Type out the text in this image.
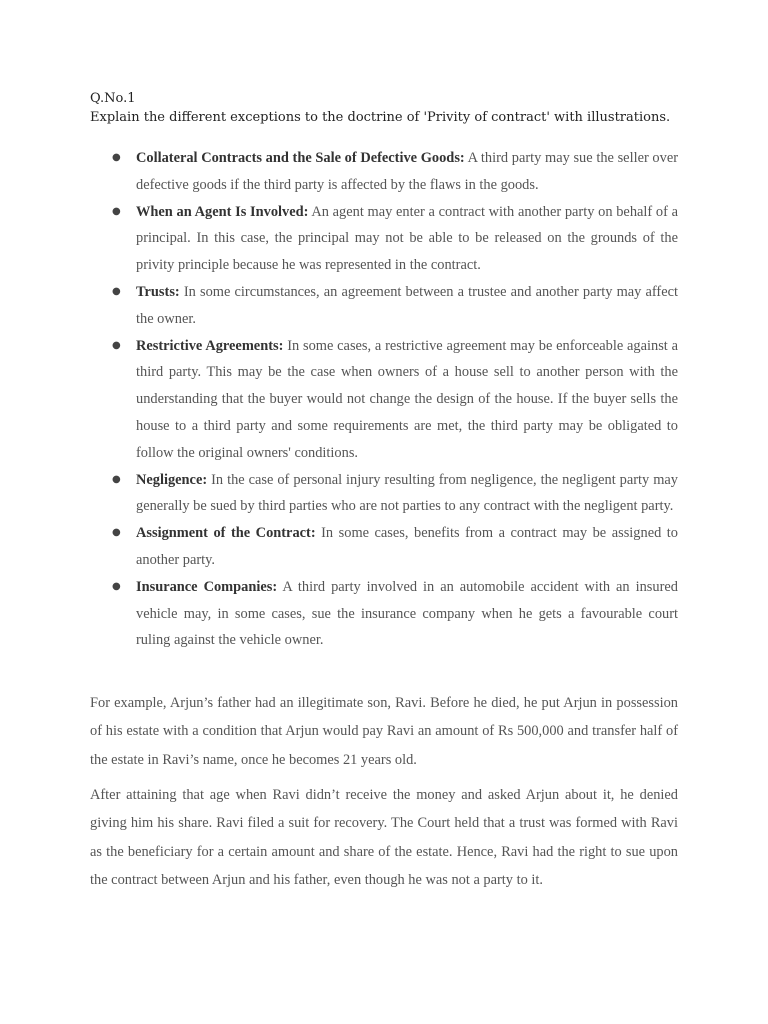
Q.No.1
Explain the different exceptions to the doctrine of 'Privity of contract' with illustrations.
● Collateral Contracts and the Sale of Defective Goods: A third party may sue the seller over defective goods if the third party is affected by the flaws in the goods.
● When an Agent Is Involved: An agent may enter a contract with another party on behalf of a principal. In this case, the principal may not be able to be released on the grounds of the privity principle because he was represented in the contract.
● Trusts: In some circumstances, an agreement between a trustee and another party may affect the owner.
● Restrictive Agreements: In some cases, a restrictive agreement may be enforceable against a third party. This may be the case when owners of a house sell to another person with the understanding that the buyer would not change the design of the house. If the buyer sells the house to a third party and some requirements are met, the third party may be obligated to follow the original owners' conditions.
● Negligence: In the case of personal injury resulting from negligence, the negligent party may generally be sued by third parties who are not parties to any contract with the negligent party.
● Assignment of the Contract: In some cases, benefits from a contract may be assigned to another party.
● Insurance Companies: A third party involved in an automobile accident with an insured vehicle may, in some cases, sue the insurance company when he gets a favourable court ruling against the vehicle owner.

For example, Arjun’s father had an illegitimate son, Ravi. Before he died, he put Arjun in possession of his estate with a condition that Arjun would pay Ravi an amount of Rs 500,000 and transfer half of the estate in Ravi’s name, once he becomes 21 years old.

After attaining that age when Ravi didn’t receive the money and asked Arjun about it, he denied giving him his share. Ravi filed a suit for recovery. The Court held that a trust was formed with Ravi as the beneficiary for a certain amount and share of the estate. Hence, Ravi had the right to sue upon the contract between Arjun and his father, even though he was not a party to it.
